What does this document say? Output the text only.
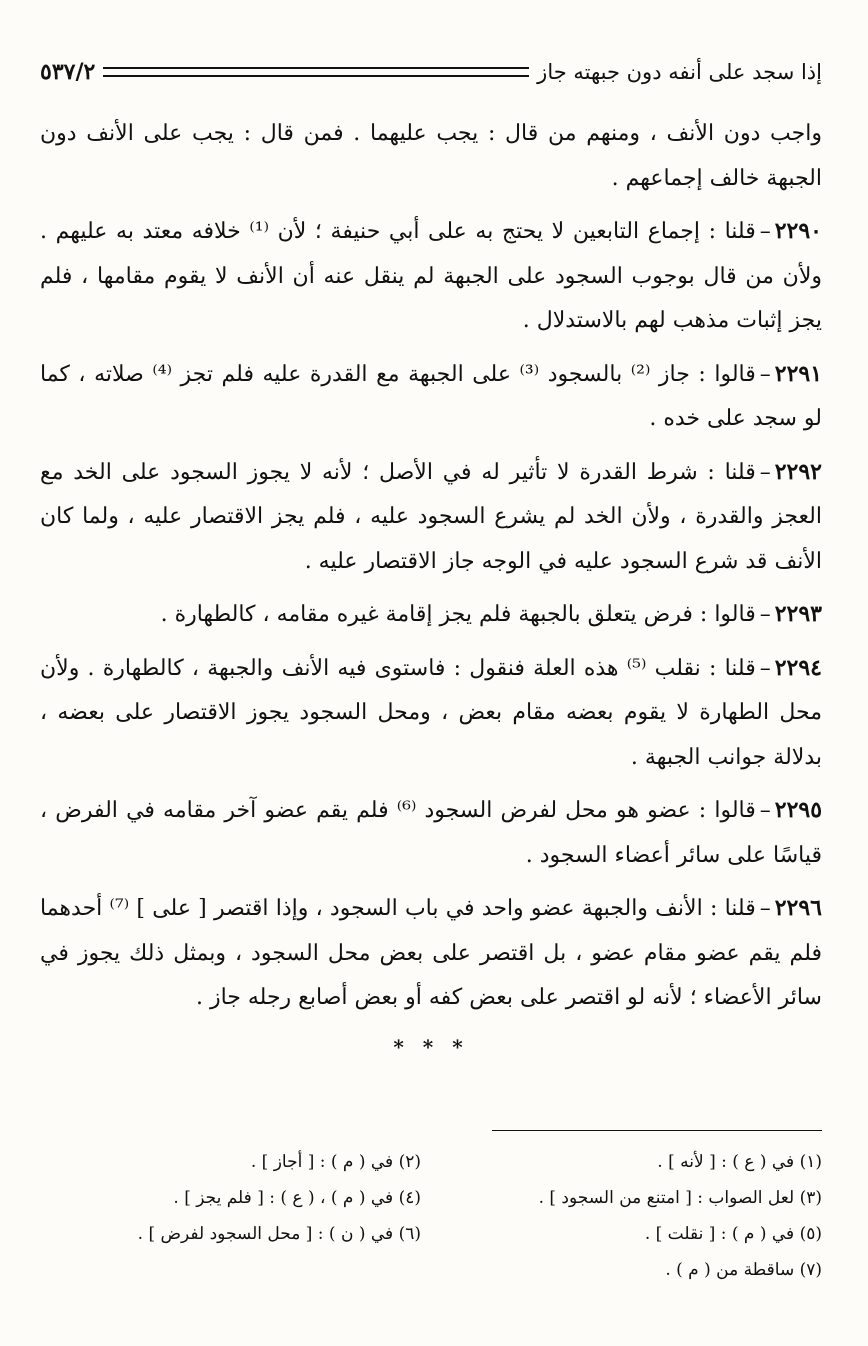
إذا سجد على أنفه دون جبهته جاز
٥٣٧/٢

واجب دون الأنف ، ومنهم من قال : يجب عليهما . فمن قال : يجب على الأنف دون الجبهة خالف إجماعهم .

٢٢٩٠–قلنا : إجماع التابعين لا يحتج به على أبي حنيفة ؛ لأن ⁽¹⁾ خلافه معتد به عليهم . ولأن من قال بوجوب السجود على الجبهة لم ينقل عنه أن الأنف لا يقوم مقامها ، فلم يجز إثبات مذهب لهم بالاستدلال .

٢٢٩١–قالوا : جاز ⁽²⁾ بالسجود ⁽³⁾ على الجبهة مع القدرة عليه فلم تجز ⁽⁴⁾ صلاته ، كما لو سجد على خده .

٢٢٩٢–قلنا : شرط القدرة لا تأثير له في الأصل ؛ لأنه لا يجوز السجود على الخد مع العجز والقدرة ، ولأن الخد لم يشرع السجود عليه ، فلم يجز الاقتصار عليه ، ولما كان الأنف قد شرع السجود عليه في الوجه جاز الاقتصار عليه .

٢٢٩٣–قالوا : فرض يتعلق بالجبهة فلم يجز إقامة غيره مقامه ، كالطهارة .

٢٢٩٤–قلنا : نقلب ⁽⁵⁾ هذه العلة فنقول : فاستوى فيه الأنف والجبهة ، كالطهارة . ولأن محل الطهارة لا يقوم بعضه مقام بعض ، ومحل السجود يجوز الاقتصار على بعضه ، بدلالة جوانب الجبهة .

٢٢٩٥–قالوا : عضو هو محل لفرض السجود ⁽⁶⁾ فلم يقم عضو آخر مقامه في الفرض ، قياسًا على سائر أعضاء السجود .

٢٢٩٦–قلنا : الأنف والجبهة عضو واحد في باب السجود ، وإذا اقتصر [ على ] ⁽⁷⁾ أحدهما فلم يقم عضو مقام عضو ، بل اقتصر على بعض محل السجود ، وبمثل ذلك يجوز في سائر الأعضاء ؛ لأنه لو اقتصر على بعض كفه أو بعض أصابع رجله جاز .

* * *
(١) في ( ع ) : [ لأنه ] .
(٢) في ( م ) : [ أجاز ] .
(٣) لعل الصواب : [ امتنع من السجود ] .
(٤) في ( م ) ، ( ع ) : [ فلم يجز ] .
(٥) في ( م ) : [ نقلت ] .
(٦) في ( ن ) : [ محل السجود لفرض ] .
(٧) ساقطة من ( م ) .
